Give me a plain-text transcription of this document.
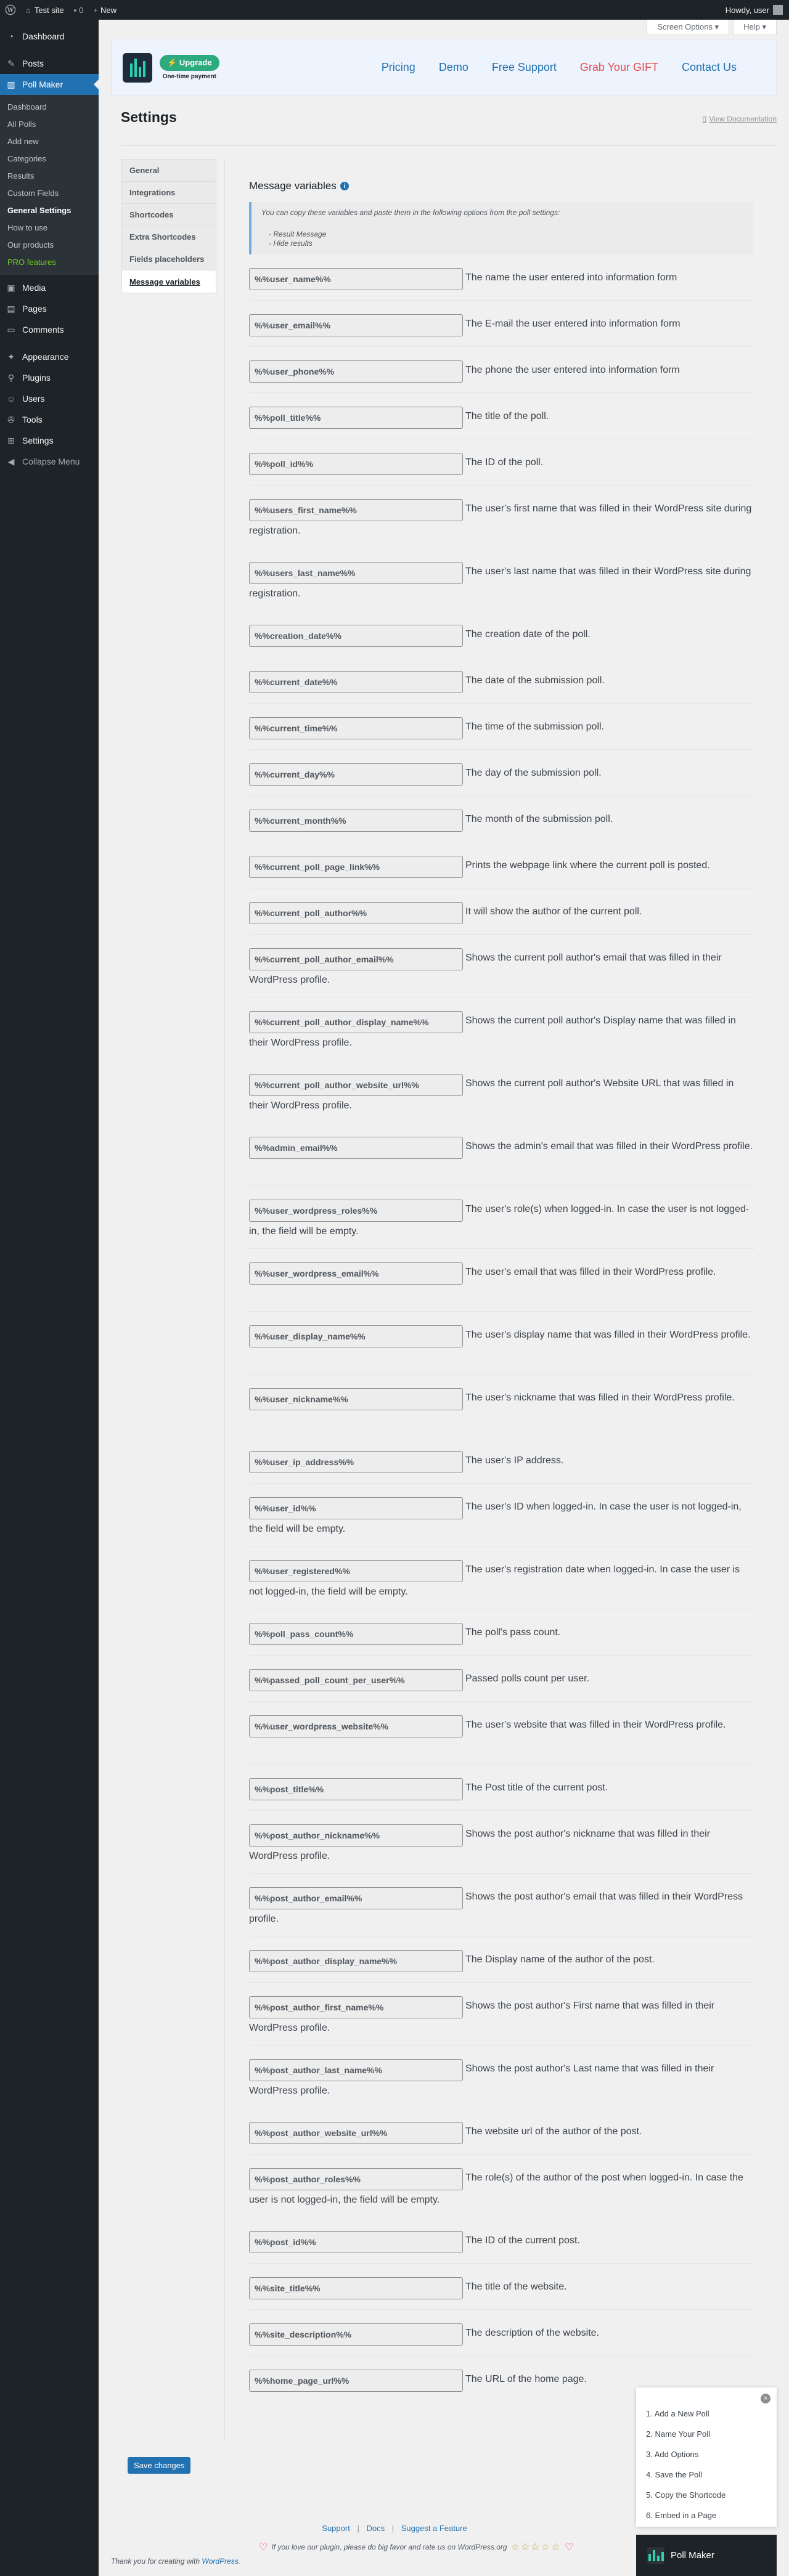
W ⌂ Test site ▪ 0 + New	Howdy, user
◔ Dashboard
✎ Posts
▥ Poll Maker
Dashboard
All Polls
Add new
Categories
Results
Custom Fields
General Settings
How to use
Our products
PRO features
▣ Media
▤ Pages
▭ Comments
✦ Appearance
⚲ Plugins
☺ Users
✇ Tools
⊞ Settings
◀ Collapse Menu
Screen Options ▾	Help ▾
⚡ Upgrade
One-time payment
Pricing Demo Free Support Grab Your GIFT Contact Us
Settings	▯ View Documentation
General
Integrations
Shortcodes
Extra Shortcodes
Fields placeholders
Message variables
Message variables	i
You can copy these variables and paste them in the following options from the poll settings:
- Result Message
- Hide results
%%user_name%%	The name the user entered into information form
%%user_email%%	The E-mail the user entered into information form
%%user_phone%%	The phone the user entered into information form
%%poll_title%%	The title of the poll.
%%poll_id%%	The ID of the poll.
%%users_first_name%%	The user's first name that was filled in their WordPress site during registration.
%%users_last_name%%	The user's last name that was filled in their WordPress site during registration.
%%creation_date%%	The creation date of the poll.
%%current_date%%	The date of the submission poll.
%%current_time%%	The time of the submission poll.
%%current_day%%	The day of the submission poll.
%%current_month%%	The month of the submission poll.
%%current_poll_page_link%%	Prints the webpage link where the current poll is posted.
%%current_poll_author%%	It will show the author of the current poll.
%%current_poll_author_email%%	Shows the current poll author's email that was filled in their WordPress profile.
%%current_poll_author_display_name%%	Shows the current poll author's Display name that was filled in their WordPress profile.
%%current_poll_author_website_url%%	Shows the current poll author's Website URL that was filled in their WordPress profile.
%%admin_email%%	Shows the admin's email that was filled in their WordPress profile.
%%user_wordpress_roles%%	The user's role(s) when logged-in. In case the user is not logged-in, the field will be empty.
%%user_wordpress_email%%	The user's email that was filled in their WordPress profile.
%%user_display_name%%	The user's display name that was filled in their WordPress profile.
%%user_nickname%%	The user's nickname that was filled in their WordPress profile.
%%user_ip_address%%	The user's IP address.
%%user_id%%	The user's ID when logged-in. In case the user is not logged-in, the field will be empty.
%%user_registered%%	The user's registration date when logged-in. In case the user is not logged-in, the field will be empty.
%%poll_pass_count%%	The poll's pass count.
%%passed_poll_count_per_user%%	Passed polls count per user.
%%user_wordpress_website%%	The user's website that was filled in their WordPress profile.
%%post_title%%	The Post title of the current post.
%%post_author_nickname%%	Shows the post author's nickname that was filled in their WordPress profile.
%%post_author_email%%	Shows the post author's email that was filled in their WordPress profile.
%%post_author_display_name%%	The Display name of the author of the post.
%%post_author_first_name%%	Shows the post author's First name that was filled in their WordPress profile.
%%post_author_last_name%%	Shows the post author's Last name that was filled in their WordPress profile.
%%post_author_website_url%%	The website url of the author of the post.
%%post_author_roles%%	The role(s) of the author of the post when logged-in. In case the user is not logged-in, the field will be empty.
%%post_id%%	The ID of the current post.
%%site_title%%	The title of the website.
%%site_description%%	The description of the website.
%%home_page_url%%	The URL of the home page.
Save changes
Support | Docs | Suggest a Feature
♡ If you love our plugin, please do big favor and rate us on WordPress.org ☆☆☆☆☆ ♡
Thank you for creating with WordPress.
×
1. Add a New Poll
2. Name Your Poll
3. Add Options
4. Save the Poll
5. Copy the Shortcode
6. Embed in a Page
Poll Maker
